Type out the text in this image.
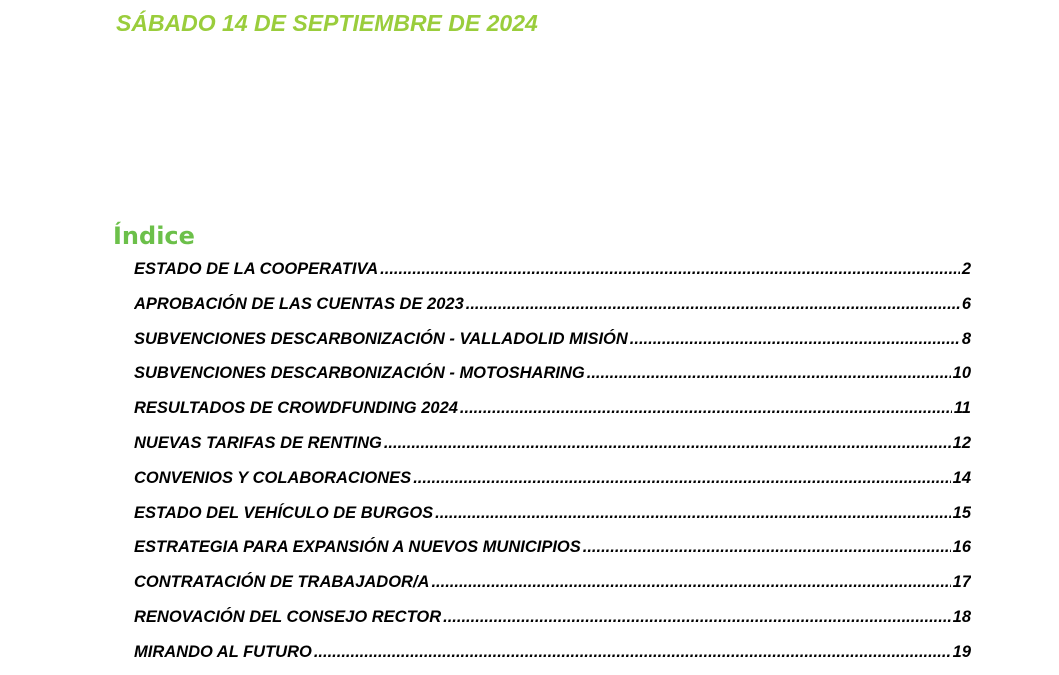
SÁBADO 14 DE SEPTIEMBRE DE 2024
Índice
ESTADO DE LA COOPERATIVA .....	2
APROBACIÓN DE LAS CUENTAS DE 2023 .....	6
SUBVENCIONES DESCARBONIZACIÓN - VALLADOLID MISIÓN .....	8
SUBVENCIONES DESCARBONIZACIÓN - MOTOSHARING .....	10
RESULTADOS DE CROWDFUNDING 2024 .....	11
NUEVAS TARIFAS DE RENTING .....	12
CONVENIOS Y COLABORACIONES .....	14
ESTADO DEL VEHÍCULO DE BURGOS .....	15
ESTRATEGIA PARA EXPANSIÓN A NUEVOS MUNICIPIOS .....	16
CONTRATACIÓN DE TRABAJADOR/A .....	17
RENOVACIÓN DEL CONSEJO RECTOR .....	18
MIRANDO AL FUTURO .....	19
